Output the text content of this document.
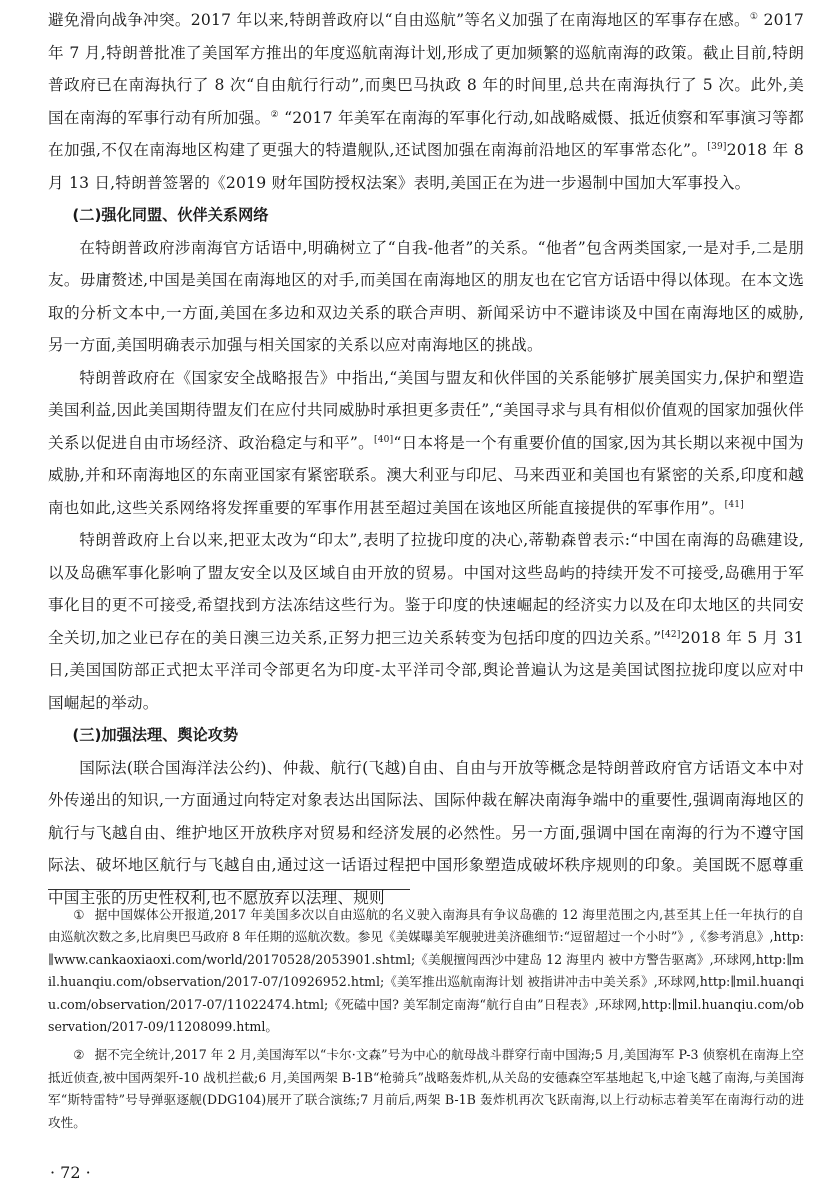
避免滑向战争冲突。2017 年以来,特朗普政府以“自由巡航”等名义加强了在南海地区的军事存在感。① 2017 年 7 月,特朗普批准了美国军方推出的年度巡航南海计划,形成了更加频繁的巡航南海的政策。截止目前,特朗普政府已在南海执行了 8 次“自由航行行动”,而奥巴马执政 8 年的时间里,总共在南海执行了 5 次。此外,美国在南海的军事行动有所加强。② “2017 年美军在南海的军事化行动,如战略威慑、抵近侦察和军事演习等都在加强,不仅在南海地区构建了更强大的特遣舰队,还试图加强在南海前沿地区的军事常态化”。[39]2018 年 8 月 13 日,特朗普签署的《2019 财年国防授权法案》表明,美国正在为进一步遏制中国加大军事投入。

(二)强化同盟、伙伴关系网络

在特朗普政府涉南海官方话语中,明确树立了“自我-他者”的关系。“他者”包含两类国家,一是对手,二是朋友。毋庸赘述,中国是美国在南海地区的对手,而美国在南海地区的朋友也在它官方话语中得以体现。在本文选取的分析文本中,一方面,美国在多边和双边关系的联合声明、新闻采访中不避讳谈及中国在南海地区的威胁,另一方面,美国明确表示加强与相关国家的关系以应对南海地区的挑战。

特朗普政府在《国家安全战略报告》中指出,“美国与盟友和伙伴国的关系能够扩展美国实力,保护和塑造美国利益,因此美国期待盟友们在应付共同威胁时承担更多责任”,“美国寻求与具有相似价值观的国家加强伙伴关系以促进自由市场经济、政治稳定与和平”。[40]“日本将是一个有重要价值的国家,因为其长期以来视中国为威胁,并和环南海地区的东南亚国家有紧密联系。澳大利亚与印尼、马来西亚和美国也有紧密的关系,印度和越南也如此,这些关系网络将发挥重要的军事作用甚至超过美国在该地区所能直接提供的军事作用”。[41]

特朗普政府上台以来,把亚太改为“印太”,表明了拉拢印度的决心,蒂勒森曾表示:“中国在南海的岛礁建设,以及岛礁军事化影响了盟友安全以及区域自由开放的贸易。中国对这些岛屿的持续开发不可接受,岛礁用于军事化目的更不可接受,希望找到方法冻结这些行为。鉴于印度的快速崛起的经济实力以及在印太地区的共同安全关切,加之业已存在的美日澳三边关系,正努力把三边关系转变为包括印度的四边关系。”[42]2018 年 5 月 31 日,美国国防部正式把太平洋司令部更名为印度-太平洋司令部,舆论普遍认为这是美国试图拉拢印度以应对中国崛起的举动。

(三)加强法理、舆论攻势

国际法(联合国海洋法公约)、仲裁、航行(飞越)自由、自由与开放等概念是特朗普政府官方话语文本中对外传递出的知识,一方面通过向特定对象表达出国际法、国际仲裁在解决南海争端中的重要性,强调南海地区的航行与飞越自由、维护地区开放秩序对贸易和经济发展的必然性。另一方面,强调中国在南海的行为不遵守国际法、破坏地区航行与飞越自由,通过这一话语过程把中国形象塑造成破坏秩序规则的印象。美国既不愿尊重中国主张的历史性权利,也不愿放弃以法理、规则

① 据中国媒体公开报道,2017 年美国多次以自由巡航的名义驶入南海具有争议岛礁的 12 海里范围之内,甚至其上任一年执行的自由巡航次数之多,比肩奥巴马政府 8 年任期的巡航次数。参见《美媒曝美军舰驶进美济礁细节:“逗留超过一个小时”》,《参考消息》,http:∥www.cankaoxiaoxi.com/world/20170528/2053901.shtml;《美舰擅闯西沙中建岛 12 海里内 被中方警告驱离》,环球网,http:∥mil.huanqiu.com/observation/2017-07/10926952.html;《美军推出巡航南海计划 被指讲冲击中美关系》,环球网,http:∥mil.huanqiu.com/observation/2017-07/11022474.html;《死磕中国? 美军制定南海“航行自由”日程表》,环球网,http:∥mil.huanqiu.com/observation/2017-09/11208099.html。

② 据不完全统计,2017 年 2 月,美国海军以“卡尔·文森”号为中心的航母战斗群穿行南中国海;5 月,美国海军 P-3 侦察机在南海上空抵近侦查,被中国两架歼-10 战机拦截;6 月,美国两架 B-1B“枪骑兵”战略轰炸机,从关岛的安德森空军基地起飞,中途飞越了南海,与美国海军“斯特雷特”号导弹驱逐舰(DDG104)展开了联合演练;7 月前后,两架 B-1B 轰炸机再次飞跃南海,以上行动标志着美军在南海行动的进攻性。

· 72 ·
